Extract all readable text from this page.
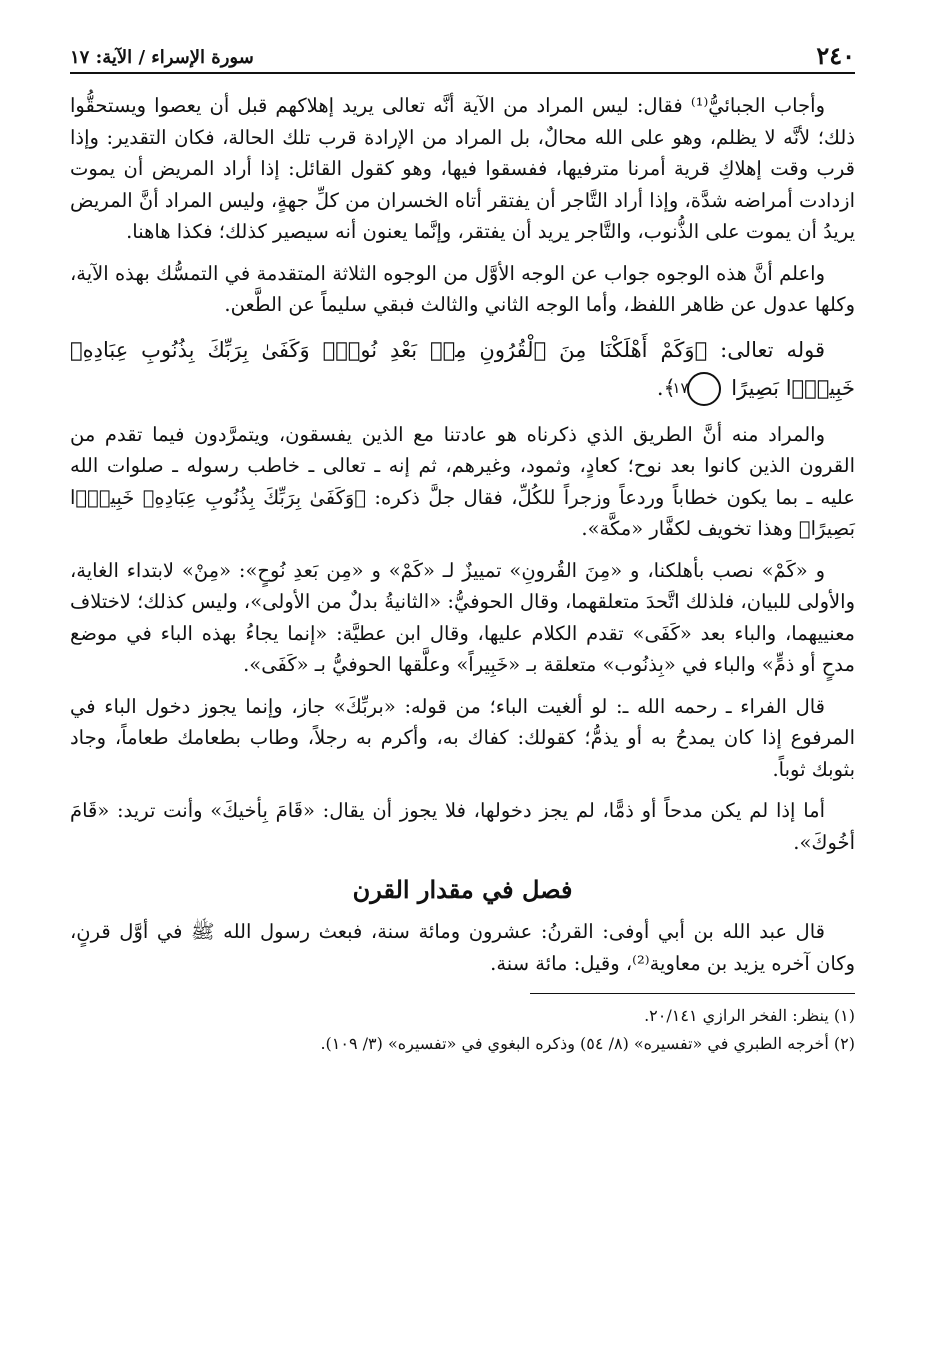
٢٤٠
سورة الإسراء / الآية: ١٧

وأجاب الجبائيُّ⁽¹⁾ فقال: ليس المراد من الآية أنَّه تعالى يريد إهلاكهم قبل أن يعصوا ويستحقُّوا ذلك؛ لأنَّه لا يظلم، وهو على الله محالٌ، بل المراد من الإرادة قرب تلك الحالة، فكان التقدير: وإذا قرب وقت إهلاكِ قرية أمرنا مترفيها، ففسقوا فيها، وهو كقول القائل: إذا أراد المريض أن يموت ازدادت أمراضه شدَّة، وإذا أراد التَّاجر أن يفتقر أتاه الخسران من كلِّ جهةٍ، وليس المراد أنَّ المريض يريدُ أن يموت على الذُّنوب، والتَّاجر يريد أن يفتقر، وإنَّما يعنون أنه سيصير كذلك؛ فكذا هاهنا.

واعلم أنَّ هذه الوجوه جواب عن الوجه الأوَّل من الوجوه الثلاثة المتقدمة في التمسُّك بهذه الآية، وكلها عدول عن ظاهر اللفظ، وأما الوجه الثاني والثالث فبقي سليماً عن الطَّعن.

قوله تعالى: ﴿وَكَمْ أَهْلَكْنَا مِنَ ٱلْقُرُونِ مِنۢ بَعْدِ نُوحٍۗ وَكَفَىٰ بِرَبِّكَ بِذُنُوبِ عِبَادِهِۦ خَبِيرًۢا بَصِيرًا ١٧ ﴾.

والمراد منه أنَّ الطريق الذي ذكرناه هو عادتنا مع الذين يفسقون، ويتمرَّدون فيما تقدم من القرون الذين كانوا بعد نوح؛ كعادٍ، وثمود، وغيرهم، ثم إنه ـ تعالى ـ خاطب رسوله ـ صلوات الله عليه ـ بما يكون خطاباً وردعاً وزجراً للكُلِّ، فقال جلَّ ذكره: ﴿وَكَفَىٰ بِرَبِّكَ بِذُنُوبِ عِبَادِهِۦ خَبِيرًۢا بَصِيرًا﴾ وهذا تخويف لكفَّار «مكَّة».

و «كَمْ» نصب بأهلكنا، و «مِنَ القُرونِ» تمييزٌ لـ «كَمْ» و «مِن بَعدِ نُوحٍ»: «مِنْ» لابتداء الغاية، والأولى للبيان، فلذلك اتَّحدَ متعلقهما، وقال الحوفيُّ: «الثانيةُ بدلٌ من الأولى»، وليس كذلك؛ لاختلاف معنييهما، والباء بعد «كَفَى» تقدم الكلام عليها، وقال ابن عطيَّة: «إنما يجاءُ بهذه الباء في موضع مدحٍ أو ذمٍّ» والباء في «بِذنُوب» متعلقة بـ «خَبِيراً» وعلَّقها الحوفيُّ بـ «كَفَى».

قال الفراء ـ رحمه الله ـ: لو ألغيت الباء؛ من قوله: «بربِّكَ» جاز، وإنما يجوز دخول الباء في المرفوع إذا كان يمدحُ به أو يذمُّ؛ كقولك: كفاك به، وأكرم به رجلاً، وطاب بطعامك طعاماً، وجاد بثوبك ثوباً.

أما إذا لم يكن مدحاً أو ذمًّا، لم يجز دخولها، فلا يجوز أن يقال: «قَامَ بِأخيكَ» وأنت تريد: «قَامَ أخُوكَ».

فصل في مقدار القرن

قال عبد الله بن أبي أوفى: القرنُ: عشرون ومائة سنة، فبعث رسول الله ﷺ في أوَّل قرنٍ، وكان آخره يزيد بن معاوية⁽²⁾، وقيل: مائة سنة.

(١) ينظر: الفخر الرازي ٢٠/١٤١.

(٢) أخرجه الطبري في «تفسيره» (٨/ ٥٤) وذكره البغوي في «تفسيره» (٣/ ١٠٩).
